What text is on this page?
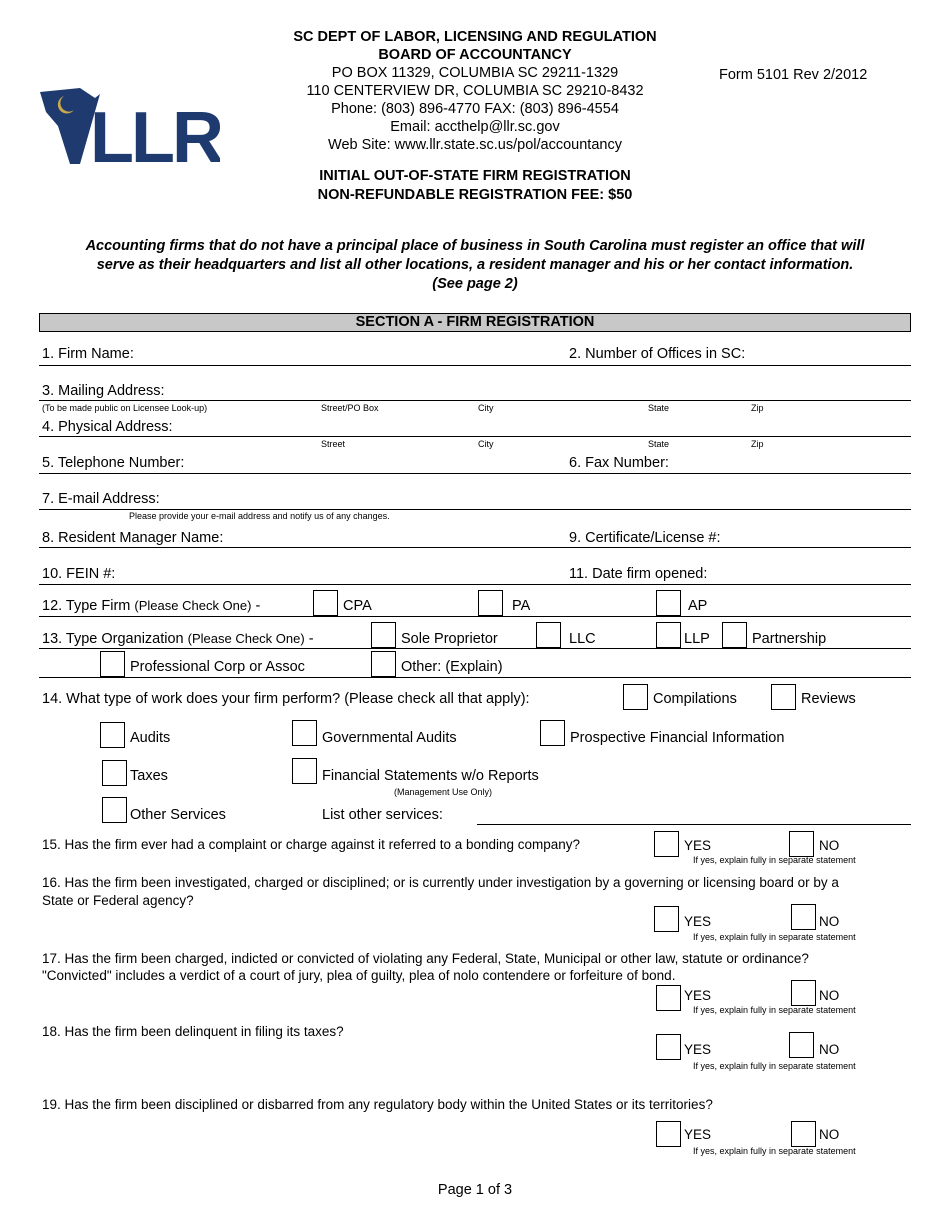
LLR
SC DEPT OF LABOR, LICENSING AND REGULATION
BOARD OF ACCOUNTANCY
PO BOX 11329, COLUMBIA SC 29211-1329
110 CENTERVIEW DR, COLUMBIA SC 29210-8432
Phone: (803) 896-4770 FAX: (803) 896-4554
Email: accthelp@llr.sc.gov
Web Site: www.llr.state.sc.us/pol/accountancy
INITIAL OUT-OF-STATE FIRM REGISTRATION
NON-REFUNDABLE REGISTRATION FEE: $50
Form 5101 Rev 2/2012
Accounting firms that do not have a principal place of business in South Carolina must register an office that will
serve as their headquarters and list all other locations, a resident manager and his or her contact information.
(See page 2)
SECTION A - FIRM REGISTRATION
1. Firm Name:	2. Number of Offices in SC:
3. Mailing Address:
(To be made public on Licensee Look-up)	Street/PO Box	City	State	Zip
4. Physical Address:
Street	City	State	Zip
5. Telephone Number:	6. Fax Number:
7. E-mail Address:
Please provide your e-mail address and notify us of any changes.
8. Resident Manager Name:	9. Certificate/License #:
10. FEIN #:	11. Date firm opened:
12. Type Firm (Please Check One) -	CPA	PA	AP
13. Type Organization (Please Check One) -	Sole Proprietor	LLC	LLP	Partnership
Professional Corp or Assoc	Other: (Explain)
14. What type of work does your firm perform? (Please check all that apply):	Compilations	Reviews
Audits	Governmental Audits	Prospective Financial Information
Taxes	Financial Statements w/o Reports
(Management Use Only)
Other Services	List other services:
15. Has the firm ever had a complaint or charge against it referred to a bonding company?	YES	NO
If yes, explain fully in separate statement
16. Has the firm been investigated, charged or disciplined; or is currently under investigation by a governing or licensing board or by a
State or Federal agency?
YES	NO
If yes, explain fully in separate statement
17. Has the firm been charged, indicted or convicted of violating any Federal, State, Municipal or other law, statute or ordinance?
"Convicted" includes a verdict of a court of jury, plea of guilty, plea of nolo contendere or forfeiture of bond.
YES	NO
If yes, explain fully in separate statement
18. Has the firm been delinquent in filing its taxes?
YES	NO
If yes, explain fully in separate statement
19. Has the firm been disciplined or disbarred from any regulatory body within the United States or its territories?
YES	NO
If yes, explain fully in separate statement
Page 1 of 3
